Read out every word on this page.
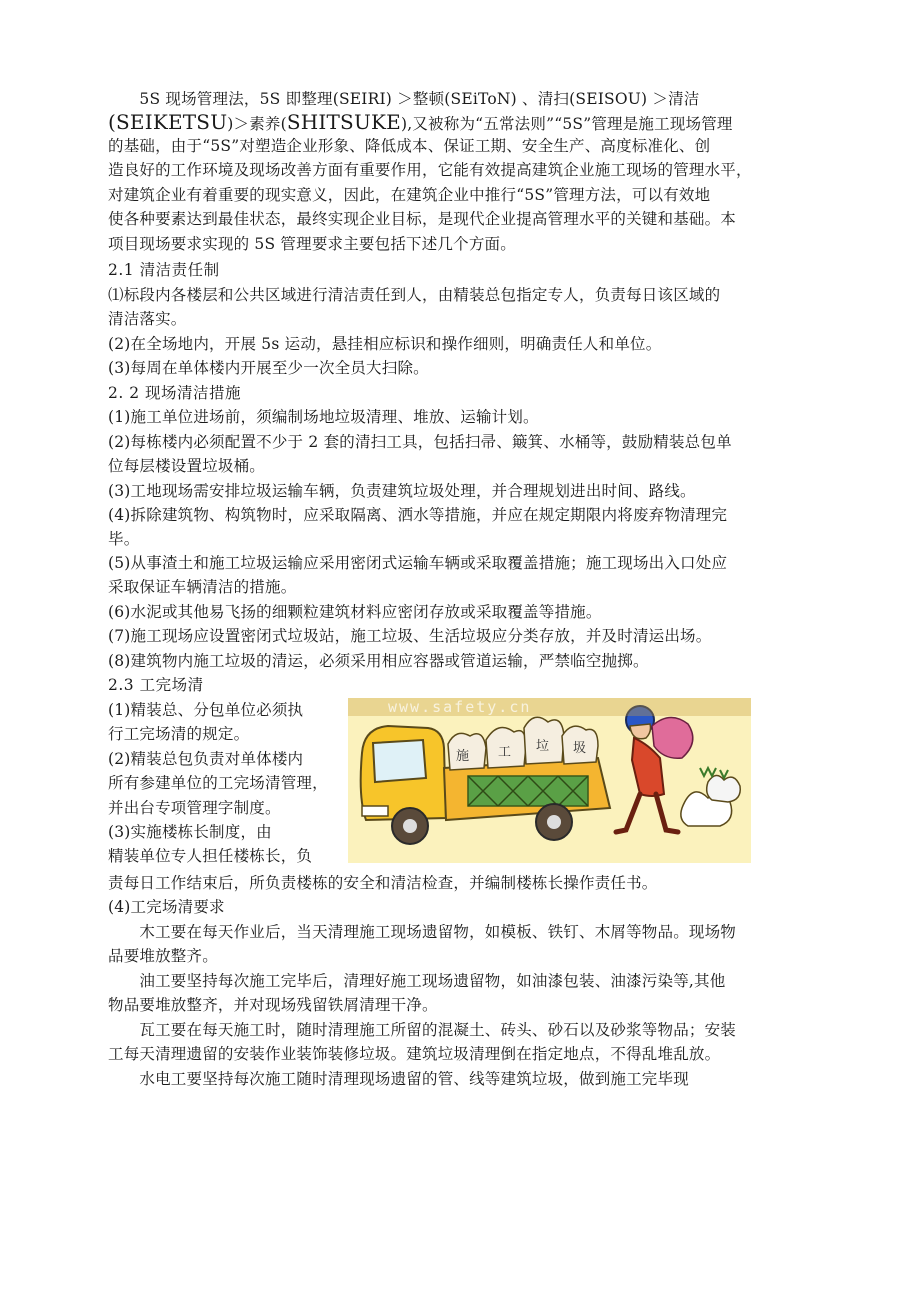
　　5S 现场管理法，5S 即整理(SEIRI) ＞整顿(SEiToN) 、清扫(SEISOU) ＞清洁
(SEIKETSU)＞素养(SHITSUKE),又被称为“五常法则”“5S”管理是施工现场管理
的基础，由于“5S”对塑造企业形象、降低成本、保证工期、安全生产、高度标准化、创
造良好的工作环境及现场改善方面有重要作用，它能有效提高建筑企业施工现场的管理水平，
对建筑企业有着重要的现实意义，因此，在建筑企业中推行“5S”管理方法，可以有效地
使各种要素达到最佳状态，最终实现企业目标，是现代企业提高管理水平的关键和基础。本
项目现场要求实现的 5S 管理要求主要包括下述几个方面。
2.1 清洁责任制
⑴标段内各楼层和公共区域进行清洁责任到人，由精装总包指定专人，负责每日该区域的
清洁落实。
(2)在全场地内，开展 5s 运动，悬挂相应标识和操作细则，明确责任人和单位。
(3)每周在单体楼内开展至少一次全员大扫除。
2. 2 现场清洁措施
(1)施工单位进场前，须编制场地垃圾清理、堆放、运输计划。
(2)每栋楼内必须配置不少于 2 套的清扫工具，包括扫帚、簸箕、水桶等，鼓励精装总包单
位每层楼设置垃圾桶。
(3)工地现场需安排垃圾运输车辆，负责建筑垃圾处理，并合理规划进出时间、路线。
(4)拆除建筑物、构筑物时，应采取隔离、洒水等措施，并应在规定期限内将废弃物清理完
毕。
(5)从事渣土和施工垃圾运输应采用密闭式运输车辆或采取覆盖措施；施工现场出入口处应
采取保证车辆清洁的措施。
(6)水泥或其他易飞扬的细颗粒建筑材料应密闭存放或采取覆盖等措施。
(7)施工现场应设置密闭式垃圾站，施工垃圾、生活垃圾应分类存放，并及时清运出场。
(8)建筑物内施工垃圾的清运，必须采用相应容器或管道运输，严禁临空抛掷。
2.3 工完场清
(1)精装总、分包单位必须执
行工完场清的规定。
(2)精装总包负责对单体楼内
所有参建单位的工完场清管理，
并出台专项管理字制度。
(3)实施楼栋长制度，由
精装单位专人担任楼栋长，负
责每日工作结束后，所负责楼栋的安全和清洁检查，并编制楼栋长操作责任书。
(4)工完场清要求
　　木工要在每天作业后，当天清理施工现场遗留物，如模板、铁钉、木屑等物品。现场物
品要堆放整齐。
　　油工要坚持每次施工完毕后，清理好施工现场遗留物，如油漆包装、油漆污染等,其他
物品要堆放整齐，并对现场残留铁屑清理干净。
　　瓦工要在每天施工时，随时清理施工所留的混凝土、砖头、砂石以及砂浆等物品；安装
工每天清理遗留的安装作业装饰装修垃圾。建筑垃圾清理倒在指定地点，不得乱堆乱放。
　　水电工要坚持每次施工随时清理现场遗留的管、线等建筑垃圾，做到施工完毕现
施 工 垃 圾
www.safety.cn
